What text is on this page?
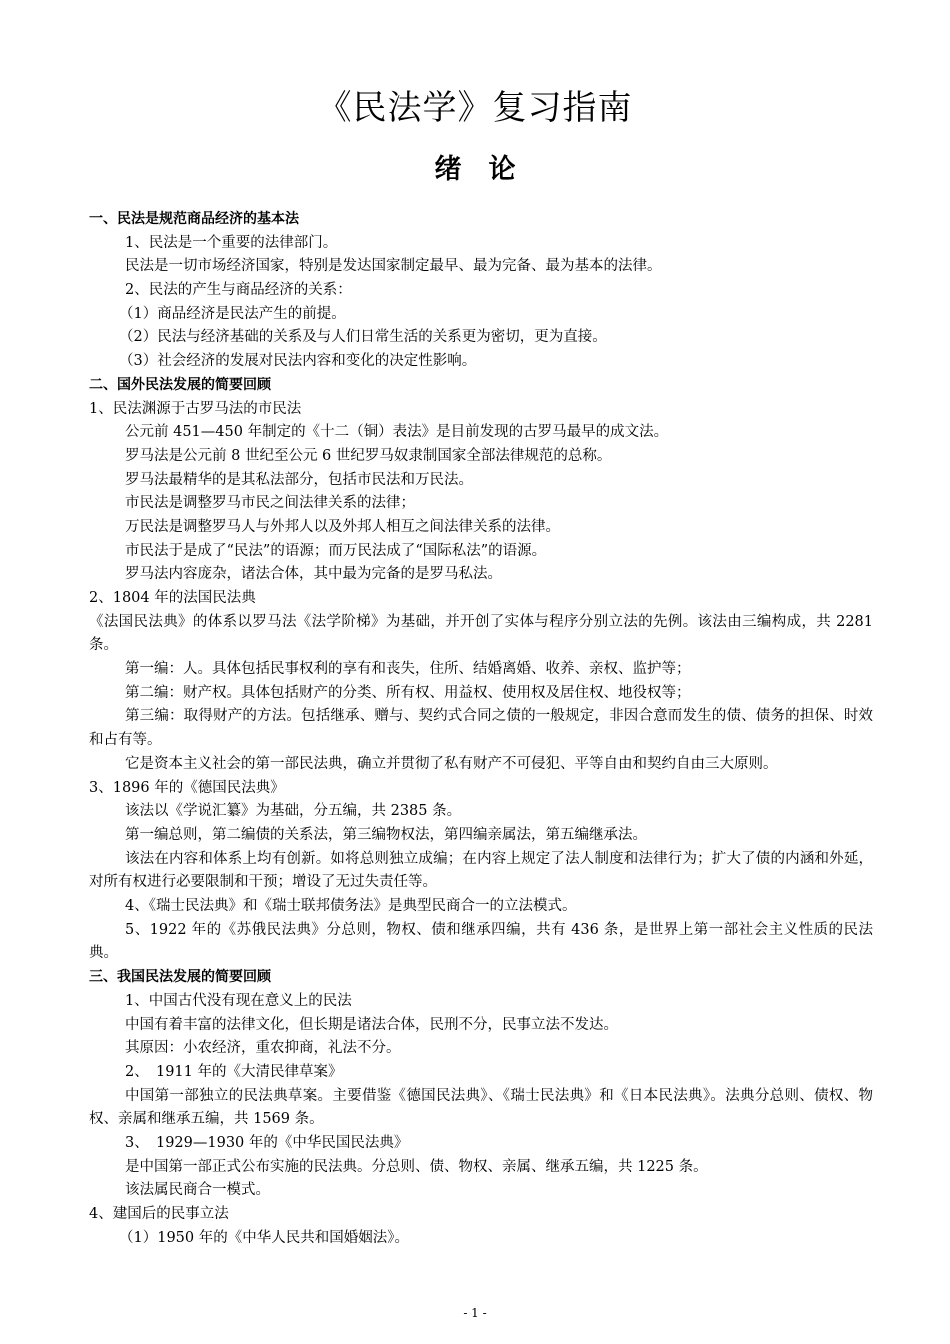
《民法学》复习指南
绪　论
一、民法是规范商品经济的基本法
1、民法是一个重要的法律部门。
民法是一切市场经济国家，特别是发达国家制定最早、最为完备、最为基本的法律。
2、民法的产生与商品经济的关系：
（1）商品经济是民法产生的前提。
（2）民法与经济基础的关系及与人们日常生活的关系更为密切，更为直接。
（3）社会经济的发展对民法内容和变化的决定性影响。
二、国外民法发展的简要回顾
1、民法渊源于古罗马法的市民法
公元前 451—450 年制定的《十二（铜）表法》是目前发现的古罗马最早的成文法。
罗马法是公元前 8 世纪至公元 6 世纪罗马奴隶制国家全部法律规范的总称。
罗马法最精华的是其私法部分，包括市民法和万民法。
市民法是调整罗马市民之间法律关系的法律；
万民法是调整罗马人与外邦人以及外邦人相互之间法律关系的法律。
市民法于是成了“民法”的语源；而万民法成了“国际私法”的语源。
罗马法内容庞杂，诸法合体，其中最为完备的是罗马私法。
2、1804 年的法国民法典
《法国民法典》的体系以罗马法《法学阶梯》为基础，并开创了实体与程序分别立法的先例。该法由三编构成，共 2281 条。
第一编：人。具体包括民事权利的享有和丧失，住所、结婚离婚、收养、亲权、监护等；
第二编：财产权。具体包括财产的分类、所有权、用益权、使用权及居住权、地役权等；
第三编：取得财产的方法。包括继承、赠与、契约式合同之债的一般规定，非因合意而发生的债、债务的担保、时效和占有等。
它是资本主义社会的第一部民法典，确立并贯彻了私有财产不可侵犯、平等自由和契约自由三大原则。
3、1896 年的《德国民法典》
该法以《学说汇纂》为基础，分五编，共 2385 条。
第一编总则，第二编债的关系法，第三编物权法，第四编亲属法，第五编继承法。
该法在内容和体系上均有创新。如将总则独立成编；在内容上规定了法人制度和法律行为；扩大了债的内涵和外延，对所有权进行必要限制和干预；增设了无过失责任等。
4、《瑞士民法典》和《瑞士联邦债务法》是典型民商合一的立法模式。
5、1922 年的《苏俄民法典》分总则，物权、债和继承四编，共有 436 条，是世界上第一部社会主义性质的民法典。
三、我国民法发展的简要回顾
1、中国古代没有现在意义上的民法
中国有着丰富的法律文化，但长期是诸法合体，民刑不分，民事立法不发达。
其原因：小农经济，重农抑商，礼法不分。
2、　1911 年的《大清民律草案》
中国第一部独立的民法典草案。主要借鉴《德国民法典》、《瑞士民法典》和《日本民法典》。法典分总则、债权、物权、亲属和继承五编，共 1569 条。
3、　1929—1930 年的《中华民国民法典》
是中国第一部正式公布实施的民法典。分总则、债、物权、亲属、继承五编，共 1225 条。
该法属民商合一模式。
4、建国后的民事立法
（1）1950 年的《中华人民共和国婚姻法》。
- 1 -
